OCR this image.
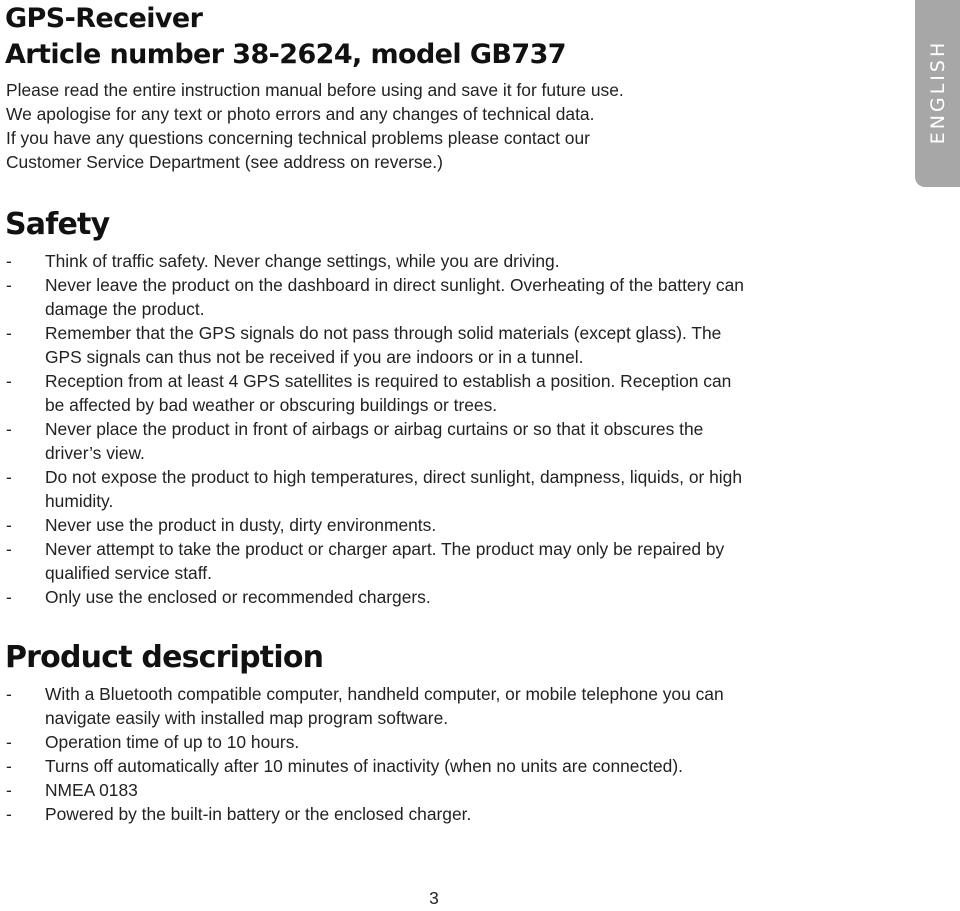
GPS-Receiver
Article number 38-2624, model GB737

Please read the entire instruction manual before using and save it for future use.

We apologise for any text or photo errors and any changes of technical data.

If you have any questions concerning technical problems please contact our

Customer Service Department (see address on reverse.)

ENGLISH
Safety
- Think of traffic safety. Never change settings, while you are driving.
- Never leave the product on the dashboard in direct sunlight. Overheating of the battery can
damage the product.
- Remember that the GPS signals do not pass through solid materials (except glass). The
GPS signals can thus not be received if you are indoors or in a tunnel.
- Reception from at least 4 GPS satellites is required to establish a position. Reception can
be affected by bad weather or obscuring buildings or trees.
- Never place the product in front of airbags or airbag curtains or so that it obscures the
driver’s view.
- Do not expose the product to high temperatures, direct sunlight, dampness, liquids, or high
humidity.
- Never use the product in dusty, dirty environments.
- Never attempt to take the product or charger apart. The product may only be repaired by
qualified service staff.
- Only use the enclosed or recommended chargers.
Product description
- With a Bluetooth compatible computer, handheld computer, or mobile telephone you can
navigate easily with installed map program software.
- Operation time of up to 10 hours.
- Turns off automatically after 10 minutes of inactivity (when no units are connected).
- NMEA 0183
- Powered by the built-in battery or the enclosed charger.
3
